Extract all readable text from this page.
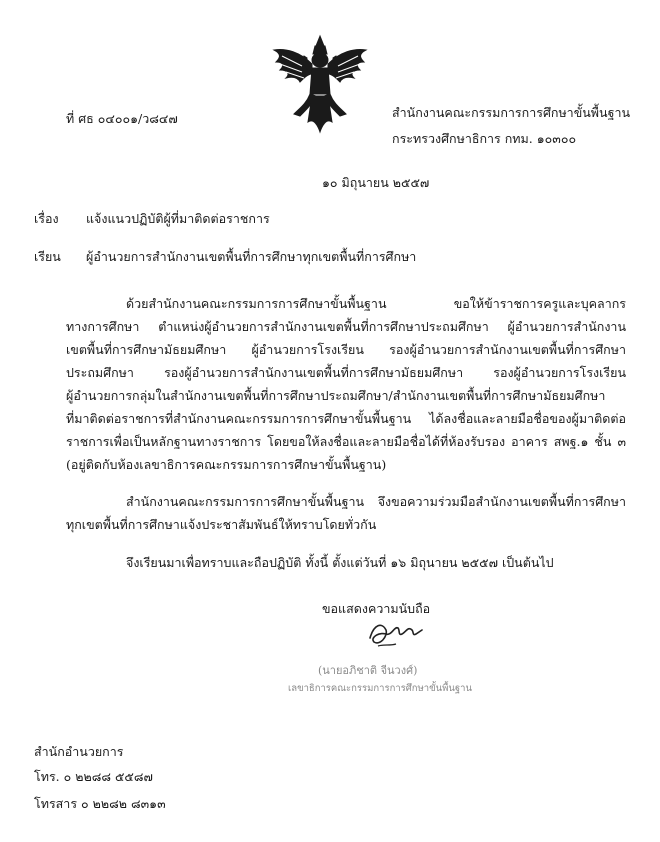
ที่ ศธ ๐๔๐๐๑/ว๘๔๗	สำนักงานคณะกรรมการการศึกษาขั้นพื้นฐาน
กระทรวงศึกษาธิการ กทม. ๑๐๓๐๐
๑๐ มิถุนายน ๒๕๕๗
เรื่อง แจ้งแนวปฏิบัติผู้ที่มาติดต่อราชการ
เรียน ผู้อำนวยการสำนักงานเขตพื้นที่การศึกษาทุกเขตพื้นที่การศึกษา
ด้วยสำนักงานคณะกรรมการการศึกษาขั้นพื้นฐาน ขอให้ข้าราชการครูและบุคลากร
ทางการศึกษา ตำแหน่งผู้อำนวยการสำนักงานเขตพื้นที่การศึกษาประถมศึกษา ผู้อำนวยการสำนักงาน
เขตพื้นที่การศึกษามัธยมศึกษา ผู้อำนวยการโรงเรียน รองผู้อำนวยการสำนักงานเขตพื้นที่การศึกษา
ประถมศึกษา รองผู้อำนวยการสำนักงานเขตพื้นที่การศึกษามัธยมศึกษา รองผู้อำนวยการโรงเรียน
ผู้อำนวยการกลุ่มในสำนักงานเขตพื้นที่การศึกษาประถมศึกษา/สำนักงานเขตพื้นที่การศึกษามัธยมศึกษา
ที่มาติดต่อราชการที่สำนักงานคณะกรรมการการศึกษาขั้นพื้นฐาน ได้ลงชื่อและลายมือชื่อของผู้มาติดต่อ
ราชการเพื่อเป็นหลักฐานทางราชการ โดยขอให้ลงชื่อและลายมือชื่อได้ที่ห้องรับรอง อาคาร สพฐ.๑ ชั้น ๓
(อยู่ติดกับห้องเลขาธิการคณะกรรมการการศึกษาขั้นพื้นฐาน)
สำนักงานคณะกรรมการการศึกษาขั้นพื้นฐาน จึงขอความร่วมมือสำนักงานเขตพื้นที่การศึกษา
ทุกเขตพื้นที่การศึกษาแจ้งประชาสัมพันธ์ให้ทราบโดยทั่วกัน
จึงเรียนมาเพื่อทราบและถือปฏิบัติ ทั้งนี้ ตั้งแต่วันที่ ๑๖ มิถุนายน ๒๕๕๗ เป็นต้นไป
ขอแสดงความนับถือ
(นายอภิชาติ จีนวงศ์)
เลขาธิการคณะกรรมการการศึกษาขั้นพื้นฐาน
สำนักอำนวยการ
โทร. ๐ ๒๒๘๘ ๕๕๘๗
โทรสาร ๐ ๒๒๘๒ ๘๓๑๓
